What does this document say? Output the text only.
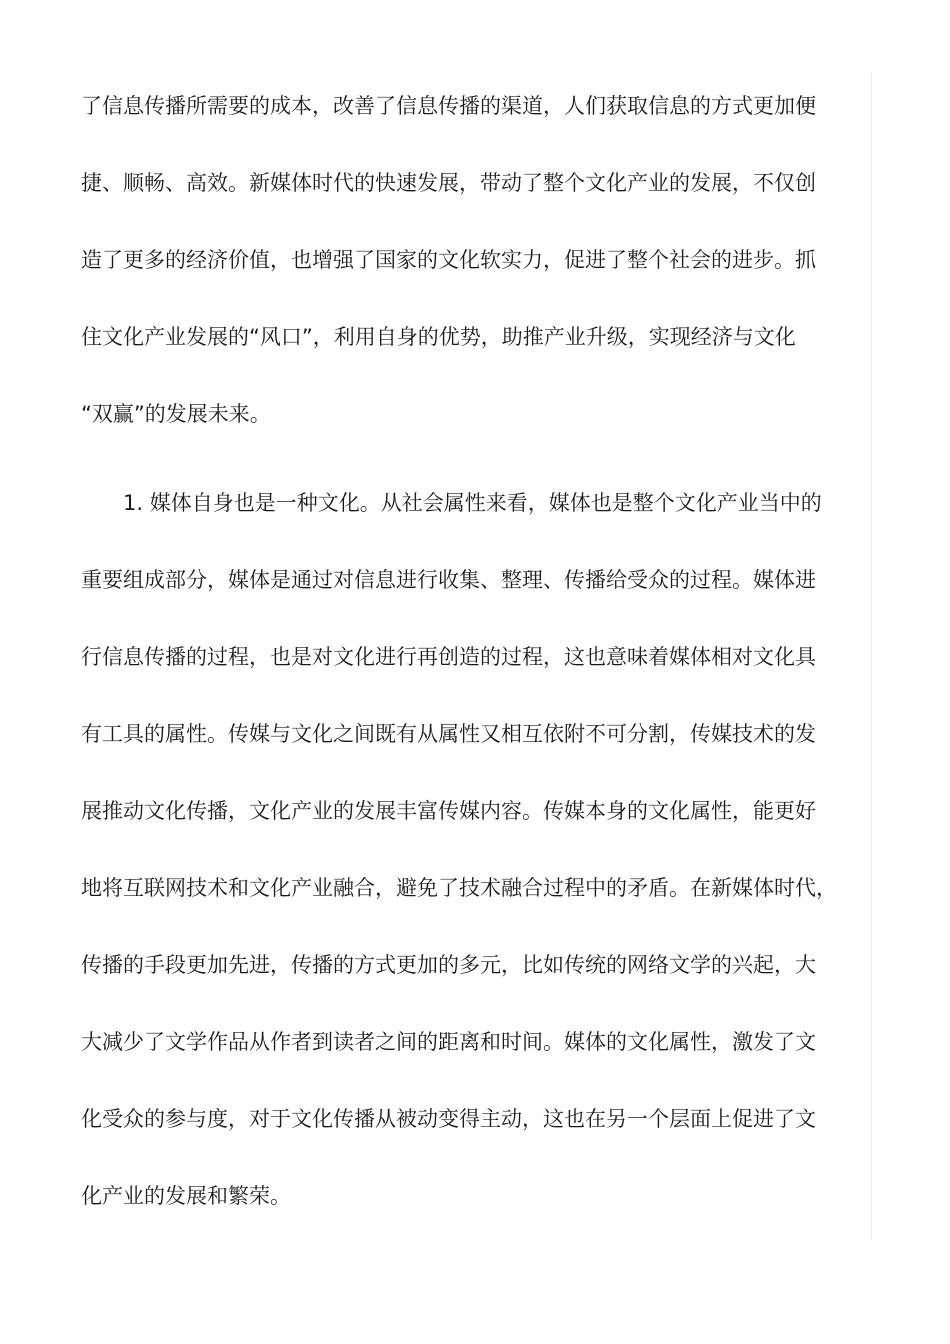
了信息传播所需要的成本，改善了信息传播的渠道，人们获取信息的方式更加便
捷、顺畅、高效。新媒体时代的快速发展，带动了整个文化产业的发展，不仅创
造了更多的经济价值，也增强了国家的文化软实力，促进了整个社会的进步。抓
住文化产业发展的“风口”，利用自身的优势，助推产业升级，实现经济与文化
“双赢”的发展未来。
1. 媒体自身也是一种文化。从社会属性来看，媒体也是整个文化产业当中的
重要组成部分，媒体是通过对信息进行收集、整理、传播给受众的过程。媒体进
行信息传播的过程，也是对文化进行再创造的过程，这也意味着媒体相对文化具
有工具的属性。传媒与文化之间既有从属性又相互依附不可分割，传媒技术的发
展推动文化传播，文化产业的发展丰富传媒内容。传媒本身的文化属性，能更好
地将互联网技术和文化产业融合，避免了技术融合过程中的矛盾。在新媒体时代，
传播的手段更加先进，传播的方式更加的多元，比如传统的网络文学的兴起，大
大减少了文学作品从作者到读者之间的距离和时间。媒体的文化属性，激发了文
化受众的参与度，对于文化传播从被动变得主动，这也在另一个层面上促进了文
化产业的发展和繁荣。
